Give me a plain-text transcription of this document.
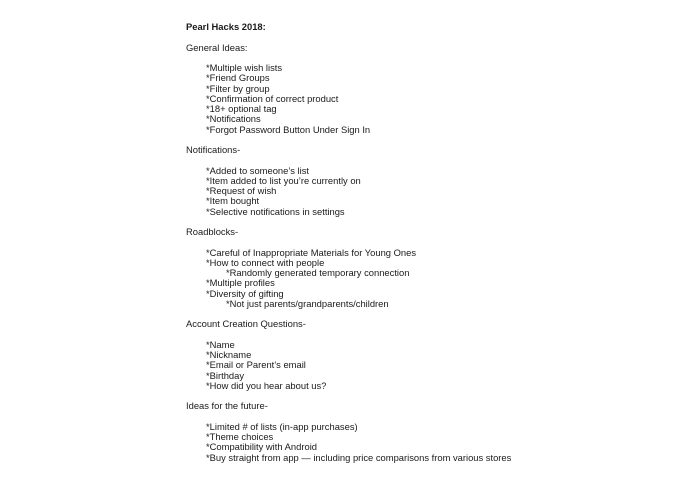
Pearl Hacks 2018:
General Ideas:
*Multiple wish lists
*Friend Groups
*Filter by group
*Confirmation of correct product
*18+ optional tag
*Notifications
*Forgot Password Button Under Sign In
Notifications-
*Added to someone’s list
*Item added to list you’re currently on
*Request of wish
*Item bought
*Selective notifications in settings
Roadblocks-
*Careful of Inappropriate Materials for Young Ones
*How to connect with people
*Randomly generated temporary connection
*Multiple profiles
*Diversity of gifting
*Not just parents/grandparents/children
Account Creation Questions-
*Name
*Nickname
*Email or Parent’s email
*Birthday
*How did you hear about us?
Ideas for the future-
*Limited # of lists (in-app purchases)
*Theme choices
*Compatibility with Android
*Buy straight from app — including price comparisons from various stores
